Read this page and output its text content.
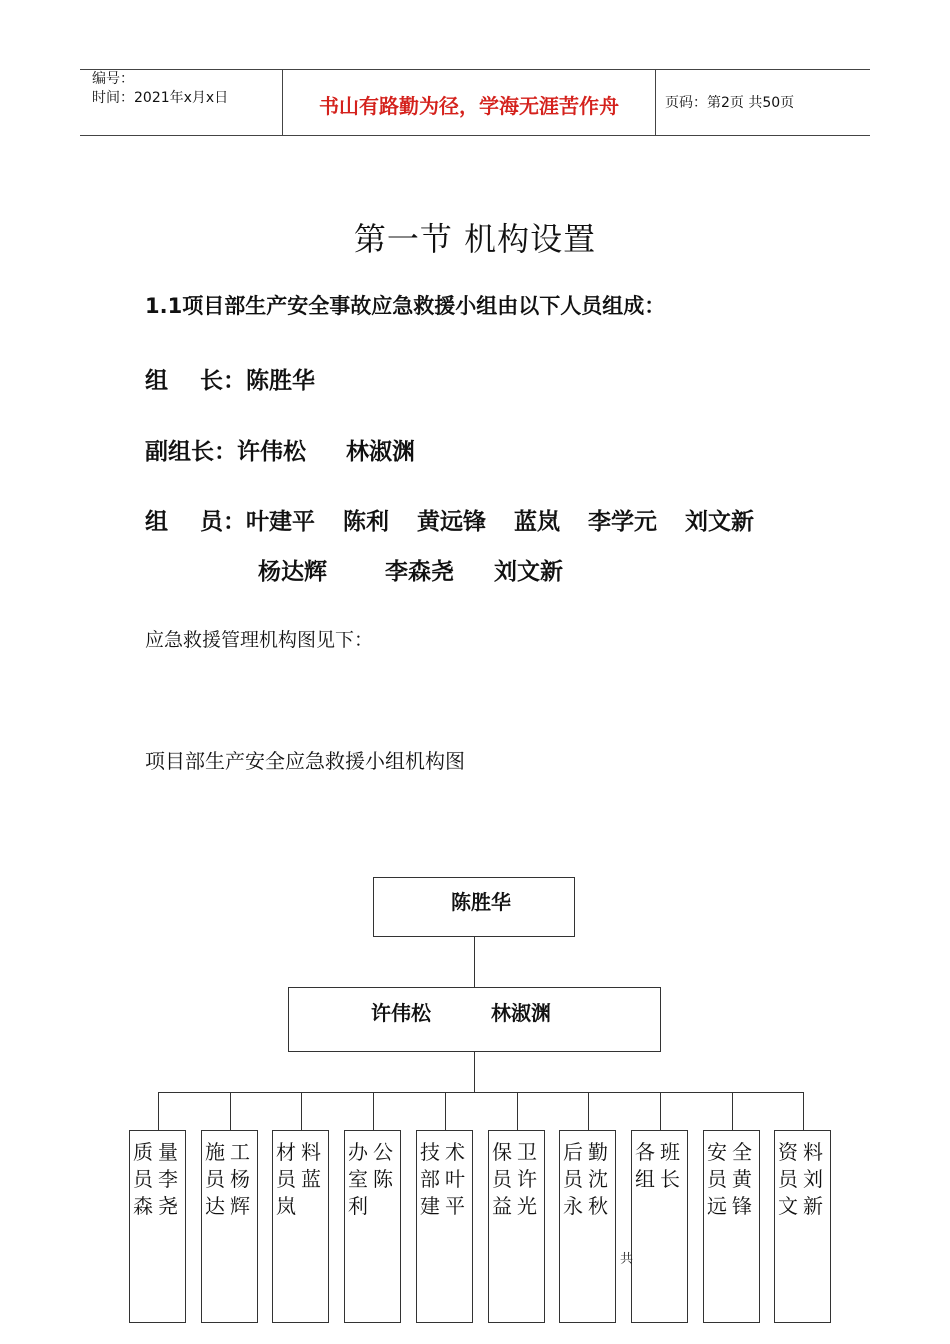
编号：
时间：2021年x月x日	书山有路勤为径，学海无涯苦作舟	页码：第2页 共50页
第一节 机构设置
1.1项目部生产安全事故应急救援小组由以下人员组成：
组    长：陈胜华
副组长：许伟松 林淑渊
组    员：叶建平 陈利 黄远锋 蓝岚 李学元 刘文新
杨达辉	李森尧 刘文新
应急救援管理机构图见下：
项目部生产安全应急救援小组机构图
陈胜华
许伟松	林淑渊
质量员李森尧
施工员杨达辉
材料员蓝岚
办公室陈利
技术部叶建平
保卫员许益光
后勤员沈永秋
各班组长
安全员黄远锋
资料员刘文新
共
